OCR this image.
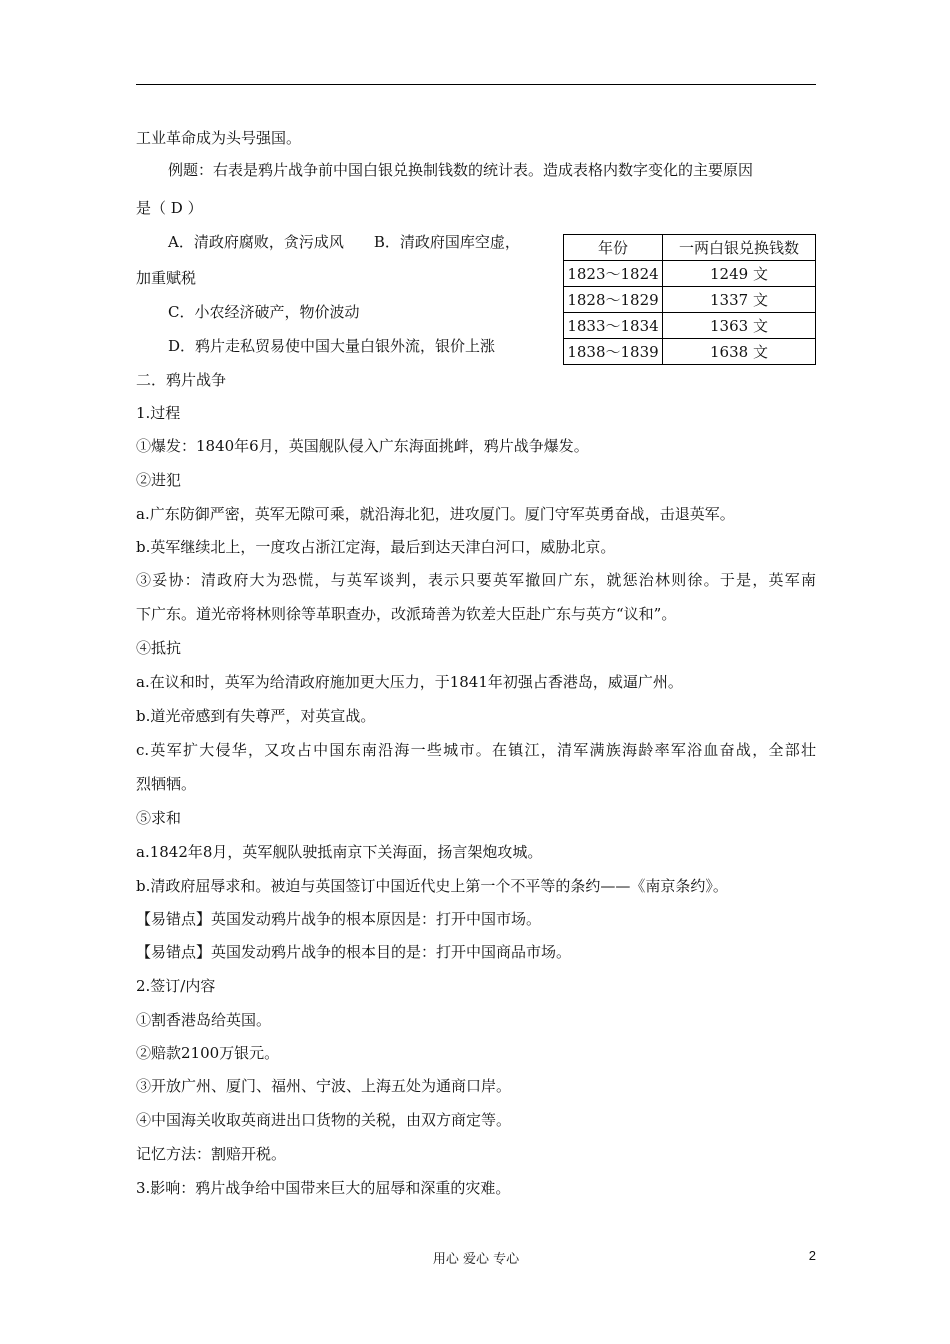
工业革命成为头号强国。
例题：右表是鸦片战争前中国白银兑换制钱数的统计表。造成表格内数字变化的主要原因
是（ D ）
A．清政府腐败，贪污成风　　B．清政府国库空虚，
加重赋税
C．小农经济破产，物价波动
D．鸦片走私贸易使中国大量白银外流，银价上涨
二．鸦片战争
1.过程
①爆发：1840年6月，英国舰队侵入广东海面挑衅，鸦片战争爆发。
②进犯
a.广东防御严密，英军无隙可乘，就沿海北犯，进攻厦门。厦门守军英勇奋战，击退英军。
b.英军继续北上，一度攻占浙江定海，最后到达天津白河口，威胁北京。
③妥协：清政府大为恐慌，与英军谈判，表示只要英军撤回广东，就惩治林则徐。于是，英军南
下广东。道光帝将林则徐等革职查办，改派琦善为钦差大臣赴广东与英方“议和”。
④抵抗
a.在议和时，英军为给清政府施加更大压力，于1841年初强占香港岛，威逼广州。
b.道光帝感到有失尊严，对英宣战。
c.英军扩大侵华，又攻占中国东南沿海一些城市。在镇江，清军满族海龄率军浴血奋战，全部壮
烈牺牺。
⑤求和
a.1842年8月，英军舰队驶抵南京下关海面，扬言架炮攻城。
b.清政府屈辱求和。被迫与英国签订中国近代史上第一个不平等的条约——《南京条约》。
【易错点】英国发动鸦片战争的根本原因是：打开中国市场。
【易错点】英国发动鸦片战争的根本目的是：打开中国商品市场。
2.签订/内容
①割香港岛给英国。
②赔款2100万银元。
③开放广州、厦门、福州、宁波、上海五处为通商口岸。
④中国海关收取英商进出口货物的关税，由双方商定等。
记忆方法：割赔开税。
3.影响：鸦片战争给中国带来巨大的屈辱和深重的灾难。
年份	一两白银兑换钱数
1823～1824	1249 文
1828～1829	1337 文
1833～1834	1363 文
1838～1839	1638 文
用心 爱心 专心	2
